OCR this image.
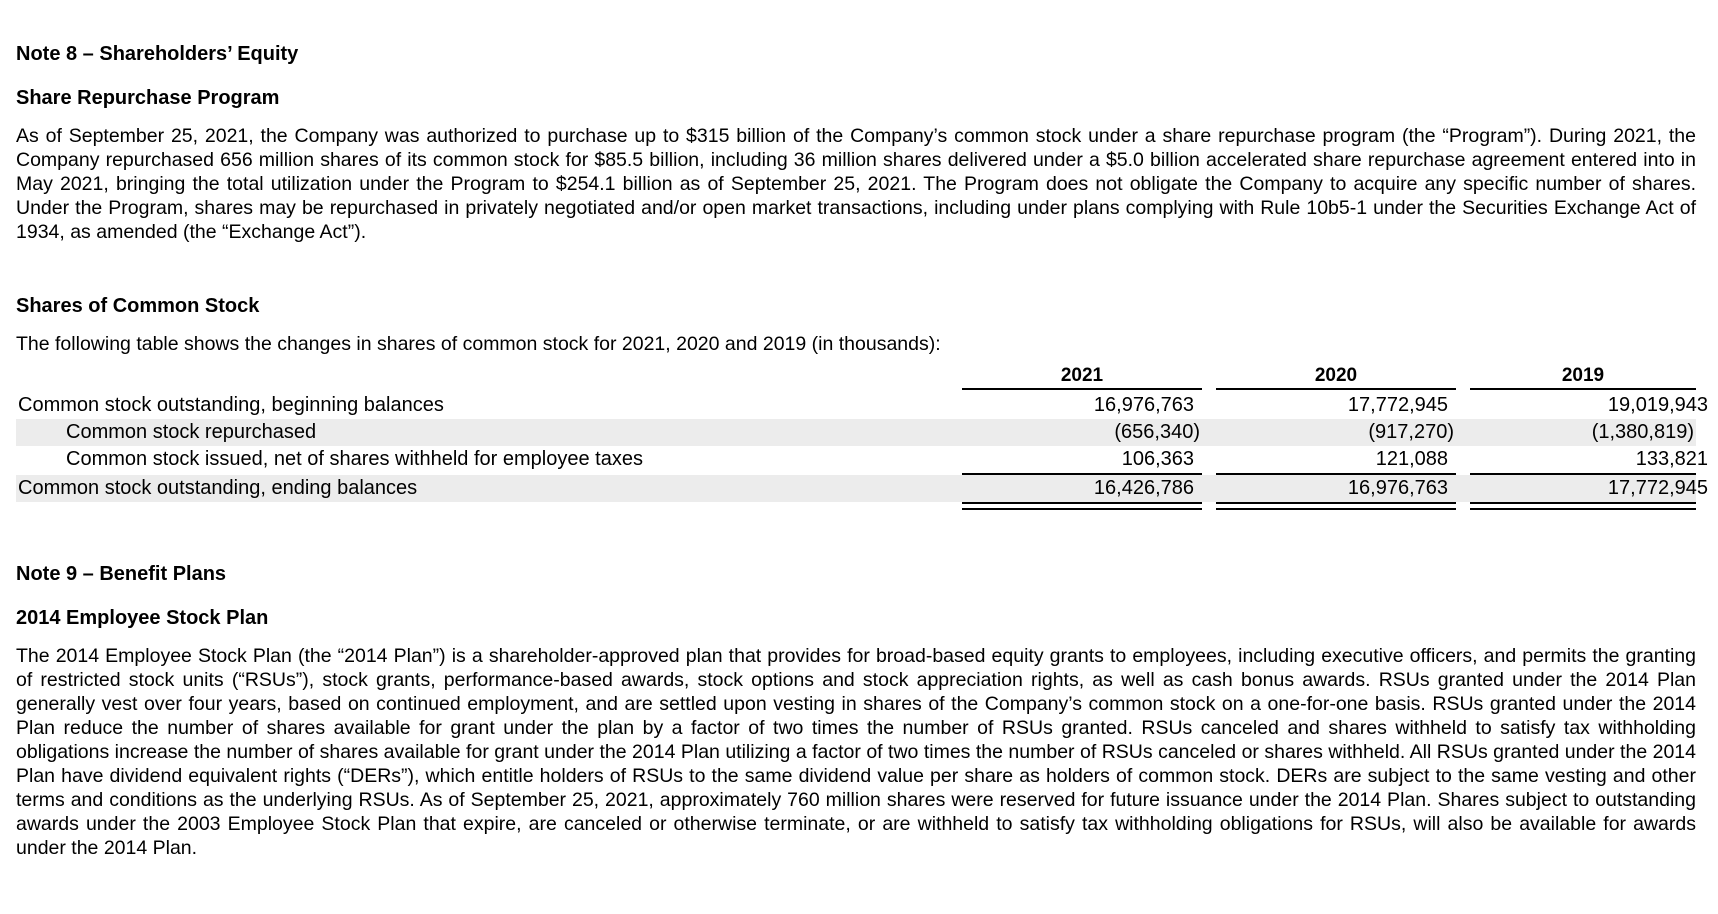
Note 8 – Shareholders’ Equity
Share Repurchase Program

As of September 25, 2021, the Company was authorized to purchase up to $315 billion of the Company’s common stock under a share repurchase program (the “Program”). During 2021, the Company repurchased 656 million shares of its common stock for $85.5 billion, including 36 million shares delivered under a $5.0 billion accelerated share repurchase agreement entered into in May 2021, bringing the total utilization under the Program to $254.1 billion as of September 25, 2021. The Program does not obligate the Company to acquire any specific number of shares. Under the Program, shares may be repurchased in privately negotiated and/or open market transactions, including under plans complying with Rule 10b5-1 under the Securities Exchange Act of 1934, as amended (the “Exchange Act”).

Shares of Common Stock

The following table shows the changes in shares of common stock for 2021, 2020 and 2019 (in thousands):

2021	2020	2019
Common stock outstanding, beginning balances	16,976,763	17,772,945	19,019,943
Common stock repurchased	(656,340)	(917,270)	(1,380,819)
Common stock issued, net of shares withheld for employee taxes	106,363	121,088	133,821
Common stock outstanding, ending balances	16,426,786	16,976,763	17,772,945
Note 9 – Benefit Plans
2014 Employee Stock Plan

The 2014 Employee Stock Plan (the “2014 Plan”) is a shareholder-approved plan that provides for broad-based equity grants to employees, including executive officers, and permits the granting of restricted stock units (“RSUs”), stock grants, performance-based awards, stock options and stock appreciation rights, as well as cash bonus awards. RSUs granted under the 2014 Plan generally vest over four years, based on continued employment, and are settled upon vesting in shares of the Company’s common stock on a one-for-one basis. RSUs granted under the 2014 Plan reduce the number of shares available for grant under the plan by a factor of two times the number of RSUs granted. RSUs canceled and shares withheld to satisfy tax withholding obligations increase the number of shares available for grant under the 2014 Plan utilizing a factor of two times the number of RSUs canceled or shares withheld. All RSUs granted under the 2014 Plan have dividend equivalent rights (“DERs”), which entitle holders of RSUs to the same dividend value per share as holders of common stock. DERs are subject to the same vesting and other terms and conditions as the underlying RSUs. As of September 25, 2021, approximately 760 million shares were reserved for future issuance under the 2014 Plan. Shares subject to outstanding awards under the 2003 Employee Stock Plan that expire, are canceled or otherwise terminate, or are withheld to satisfy tax withholding obligations for RSUs, will also be available for awards under the 2014 Plan.
